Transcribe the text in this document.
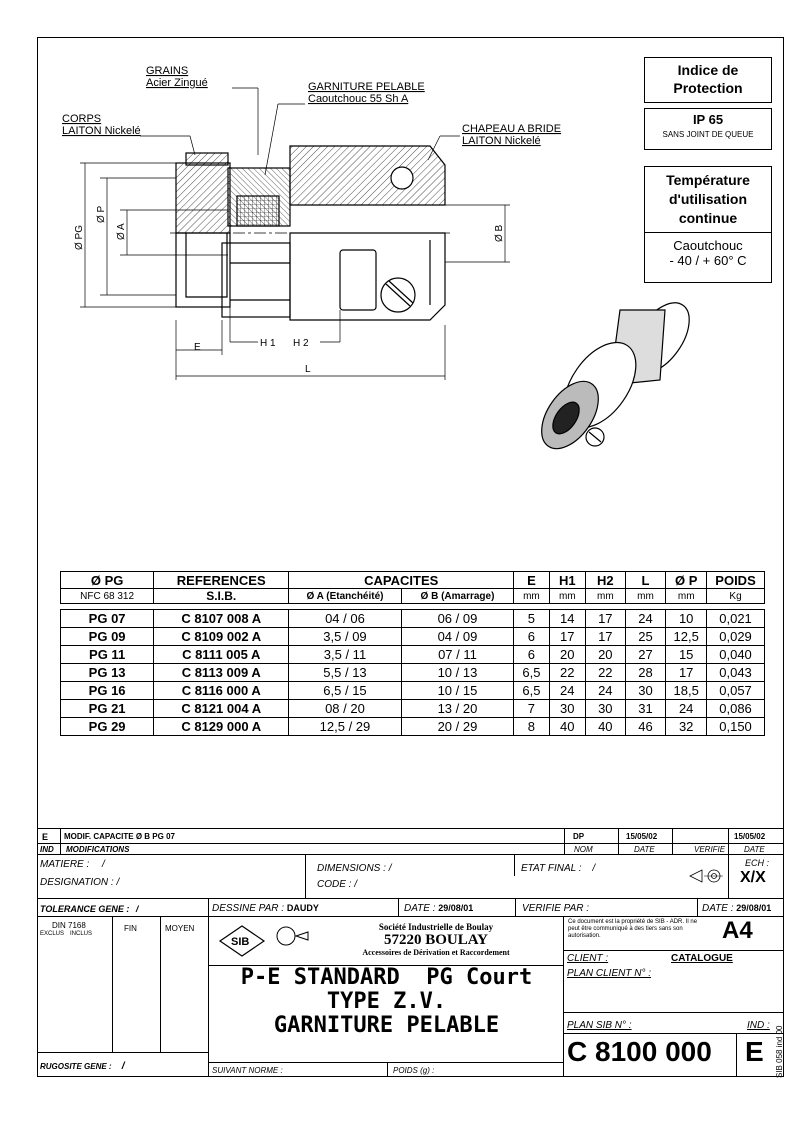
GRAINS
Acier Zingué	GARNITURE PELABLE
Caoutchouc 55 Sh A
CORPS
LAITON Nickelé	CHAPEAU A BRIDE
LAITON Nickelé
Ø PG
Ø P
Ø A	Ø B
E	H 1 H 2
L
Indice de Protection
IP 65
SANS JOINT DE QUEUE
Température d'utilisation continue
Caoutchouc
- 40 / + 60° C
Ø PG	REFERENCES	CAPACITES		E	H1	H2	L	Ø P	POIDS
NFC 68 312	S.I.B.	Ø A (Etanchéité)	Ø B (Amarrage)	mm	mm	mm	mm	mm	Kg

PG 07	C 8107 008 A	04 / 06	06 / 09	5	14	17	24	10	0,021
PG 09	C 8109 002 A	3,5 / 09	04 / 09	6	17	17	25	12,5	0,029
PG 11	C 8111 005 A	3,5 / 11	07 / 11	6	20	20	27	15	0,040
PG 13	C 8113 009 A	5,5 / 13	10 / 13	6,5	22	22	28	17	0,043
PG 16	C 8116 000 A	6,5 / 15	10 / 15	6,5	24	24	30	18,5	0,057
PG 21	C 8121 004 A	08 / 20	13 / 20	7	30	30	31	24	0,086
PG 29	C 8129 000 A	12,5 / 29	20 / 29	8	40	40	46	32	0,150
E MODIF. CAPACITE Ø B PG 07	DP	15/05/02	15/05/02
IND MODIFICATIONS	NOM	DATE	VERIFIE DATE
MATIERE : /
DESIGNATION : /
DIMENSIONS : /
CODE : /
ETAT FINAL : /	ECH :
X/X
TOLERANCE GENE : /	DESSINE PAR : DAUDY	DATE : 29/08/01	VERIFIE PAR :	DATE : 29/08/01
DIN 7168
EXCLUS INCLUS
FIN	MOYEN
RUGOSITE GENE : /
SIB
Société Industrielle de Boulay
57220 BOULAY
Accessoires de Dérivation et Raccordement
P-E STANDARD  PG Court
TYPE Z.V.
GARNITURE PELABLE
SUIVANT NORME :	POIDS (g) :
Ce document est la propriété de SIB - ADR. Il ne peut être communiqué à des tiers sans son autorisation.	A4
CLIENT :	CATALOGUE
PLAN CLIENT N° :
PLAN SIB N° :	IND :
C 8100 000 E SIB 058 ind 00
